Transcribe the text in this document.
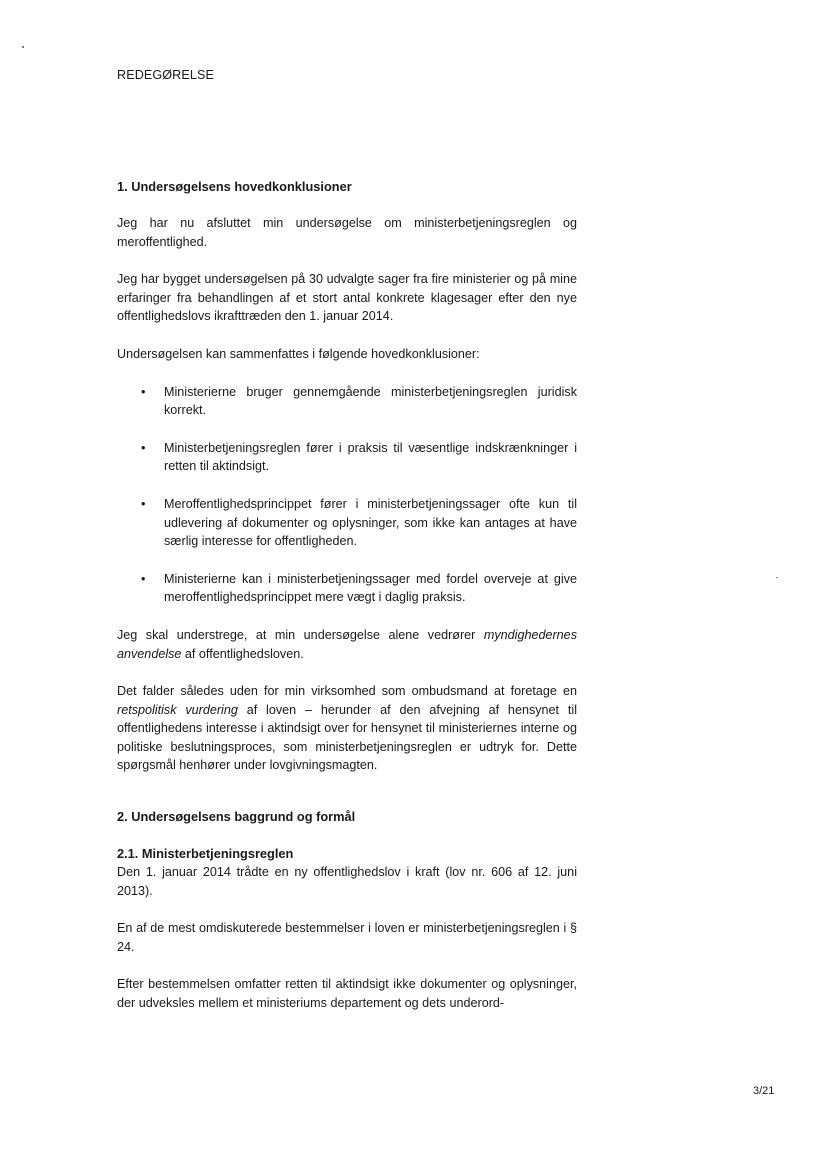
REDEGØRELSE

1. Undersøgelsens hovedkonklusioner

Jeg har nu afsluttet min undersøgelse om ministerbetjeningsreglen og meroffentlighed.

Jeg har bygget undersøgelsen på 30 udvalgte sager fra fire ministerier og på mine erfaringer fra behandlingen af et stort antal konkrete klagesager efter den nye offentlighedslovs ikrafttræden den 1. januar 2014.

Undersøgelsen kan sammenfattes i følgende hovedkonklusioner:

• Ministerierne bruger gennemgående ministerbetjeningsreglen juridisk korrekt.
• Ministerbetjeningsreglen fører i praksis til væsentlige indskrænkninger i retten til aktindsigt.
• Meroffentlighedsprincippet fører i ministerbetjeningssager ofte kun til udlevering af dokumenter og oplysninger, som ikke kan antages at have særlig interesse for offentligheden.
• Ministerierne kan i ministerbetjeningssager med fordel overveje at give meroffentlighedsprincippet mere vægt i daglig praksis.

Jeg skal understrege, at min undersøgelse alene vedrører myndighedernes anvendelse af offentlighedsloven.

Det falder således uden for min virksomhed som ombudsmand at foretage en retspolitisk vurdering af loven – herunder af den afvejning af hensynet til offentlighedens interesse i aktindsigt over for hensynet til ministeriernes interne og politiske beslutningsproces, som ministerbetjeningsreglen er udtryk for. Dette spørgsmål henhører under lovgivningsmagten.

2. Undersøgelsens baggrund og formål
2.1. Ministerbetjeningsreglen

Den 1. januar 2014 trådte en ny offentlighedslov i kraft (lov nr. 606 af 12. juni 2013).

En af de mest omdiskuterede bestemmelser i loven er ministerbetjeningsreglen i § 24.

Efter bestemmelsen omfatter retten til aktindsigt ikke dokumenter og oplysninger, der udveksles mellem et ministeriums departement og dets underord-

3/21
